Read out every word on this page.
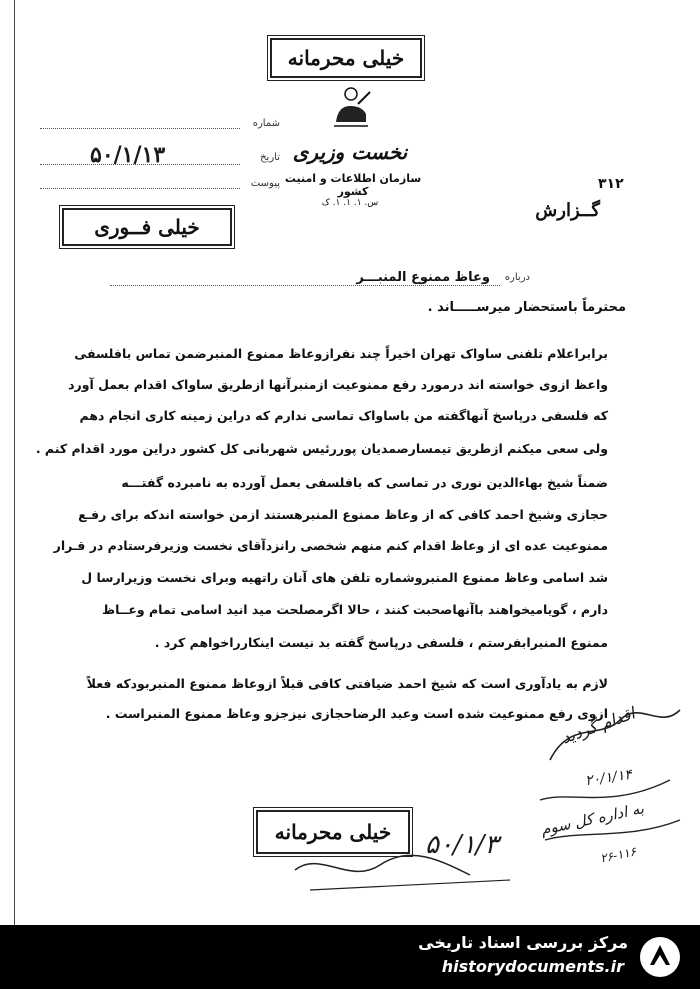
خیلی محرمانه
نخست وزیری
سازمان اطلاعات و امنیت کشور
س. ۱. ۱. ۱. ک
شماره
تاریخ
۵۰/۱/۱۳
پیوست	۳۱۲
گــزارش
خیلی فــوری
درباره
وعاظ ممنوع المنبـــر
محترماً باستحضار میرســـــاند .
برابراعلام تلفنی ساواک تهران اخیراً چند نفرازوعاظ ممنوع المنبرضمن تماس بافلسفی
واعظ ازوی خواسته اند درمورد رفع ممنوعیت ازمنبرآنها ازطریق ساواک اقدام بعمل آورد
که فلسفی درپاسخ آنهاگفته من باساواک تماسی ندارم که دراین زمینه کاری انجام دهم
ولی سعی میکنم ازطریق تیمسارصمدیان پوررئیس شهربانی کل کشور دراین مورد اقدام کنم .
ضمناً شیخ بهاءالدین نوری در تماسی که بافلسفی بعمل آورده به نامبرده گفتـــه
حجازی وشیخ احمد کافی که از وعاظ ممنوع المنبرهستند ازمن خواسته اندکه برای رفـع
ممنوعیت عده ای از وعاظ اقدام کنم منهم شخصی رانزدآقای نخست وزیرفرستادم در قـرار
شد اسامی وعاظ ممنوع المنبروشماره تلفن های آنان راتهیه وبرای نخست وزیرارسا ل
دارم ، گویامیخواهند باآنهاصحبت کنند ، حالا اگرمصلحت مید انید اسامی تمام وعــاظ
ممنوع المنبرابفرستم ، فلسفی درپاسخ گفته بد نیست اینکارراخواهم کرد .
لازم به یادآوری است که شیخ احمد ضیافتی کافی قبلاً ازوعاظ ممنوع المنبربودکه فعلاً
ازوی رفع ممنوعیت شده است وعبد الرضاحجازی نیزجزو وعاظ ممنوع المنبراست .
اقدام گردید
۲۰/۱/۱۴
به اداره کل سوم
۲۶-۱۱۶
خیلی محرمانه ۵۰/۱/۳
مرکز بررسی اسناد تاریخی
historydocuments.ir
